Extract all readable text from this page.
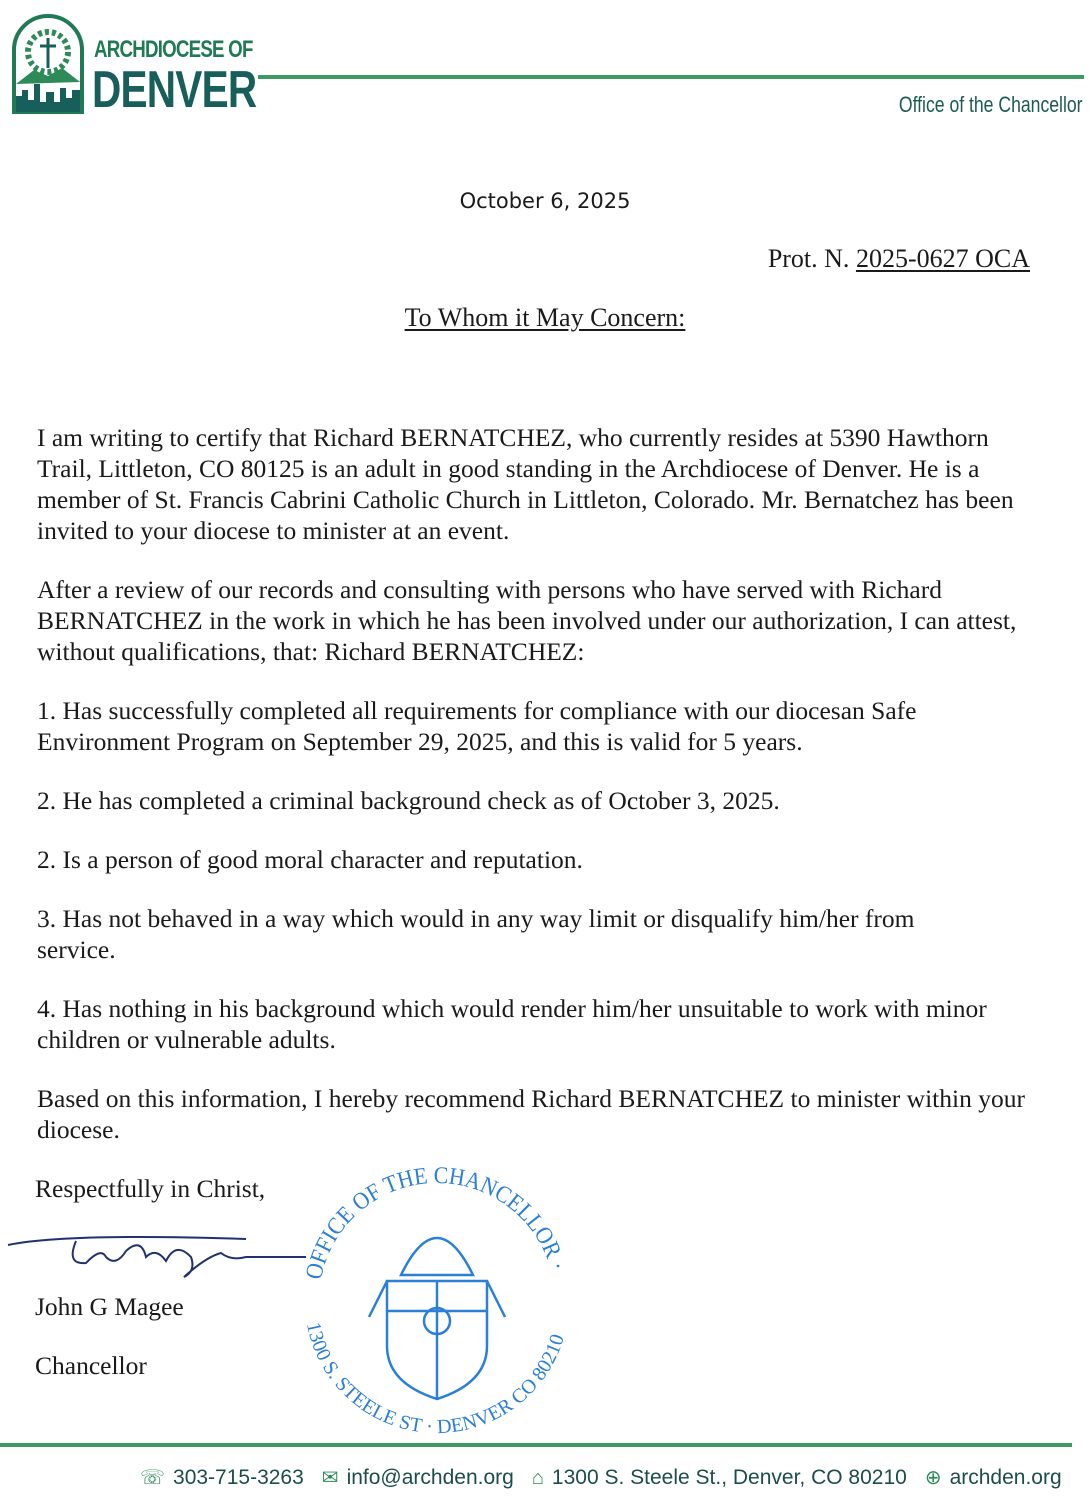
ARCHDIOCESE OF
DENVER	Office of the Chancellor
October 6, 2025
Prot. N. 2025-0627 OCA
To Whom it May Concern:

I am writing to certify that Richard BERNATCHEZ, who currently resides at 5390 Hawthorn Trail, Littleton, CO 80125 is an adult in good standing in the Archdiocese of Denver. He is a member of St. Francis Cabrini Catholic Church in Littleton, Colorado. Mr. Bernatchez has been invited to your diocese to minister at an event.

After a review of our records and consulting with persons who have served with Richard BERNATCHEZ in the work in which he has been involved under our authorization, I can attest, without qualifications, that: Richard BERNATCHEZ:

1. Has successfully completed all requirements for compliance with our diocesan Safe Environment Program on September 29, 2025, and this is valid for 5 years.

2. He has completed a criminal background check as of October 3, 2025.

2. Is a person of good moral character and reputation.

3. Has not behaved in a way which would in any way limit or disqualify him/her from service.

4. Has nothing in his background which would render him/her unsuitable to work with minor children or vulnerable adults.

Based on this information, I hereby recommend Richard BERNATCHEZ to minister within your diocese.

Respectfully in Christ,
John G Magee
Chancellor
OFFICE OF THE CHANCELLOR ·
1300 S. STEELE ST · DENVER CO 80210
☏ 303-715-3263 ✉ info@archden.org ⌂ 1300 S. Steele St., Denver, CO 80210 ⊕ archden.org
